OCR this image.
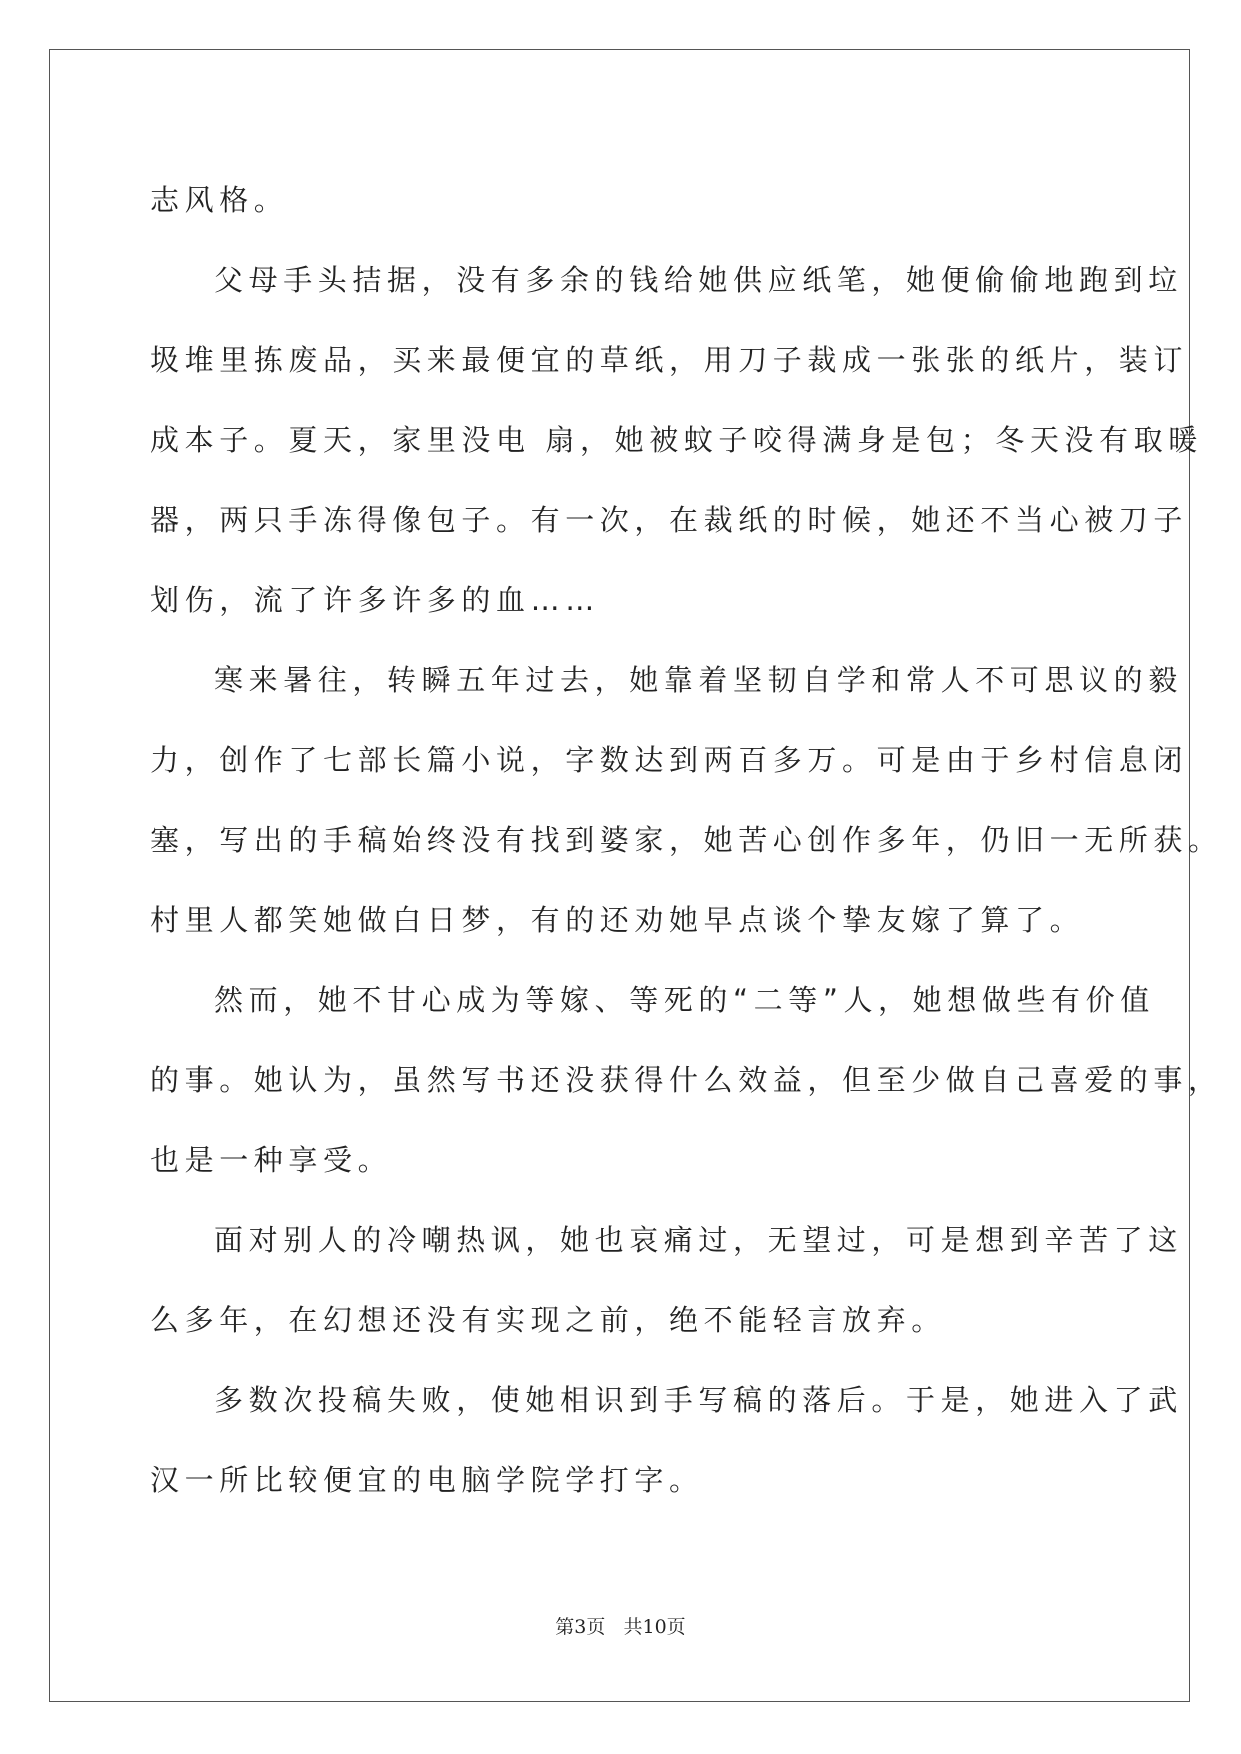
志风格。

父母手头拮据，没有多余的钱给她供应纸笔，她便偷偷地跑到垃

圾堆里拣废品，买来最便宜的草纸，用刀子裁成一张张的纸片，装订

成本子。夏天，家里没电 扇，她被蚊子咬得满身是包；冬天没有取暖

器，两只手冻得像包子。有一次，在裁纸的时候，她还不当心被刀子

划伤，流了许多许多的血……

寒来暑往，转瞬五年过去，她靠着坚韧自学和常人不可思议的毅

力，创作了七部长篇小说，字数达到两百多万。可是由于乡村信息闭

塞，写出的手稿始终没有找到婆家，她苦心创作多年，仍旧一无所获。

村里人都笑她做白日梦，有的还劝她早点谈个挚友嫁了算了。

然而，她不甘心成为等嫁、等死的“二等”人，她想做些有价值

的事。她认为，虽然写书还没获得什么效益，但至少做自己喜爱的事，

也是一种享受。

面对别人的冷嘲热讽，她也哀痛过，无望过，可是想到辛苦了这

么多年，在幻想还没有实现之前，绝不能轻言放弃。

多数次投稿失败，使她相识到手写稿的落后。于是，她进入了武

汉一所比较便宜的电脑学院学打字。

第3页   共10页
